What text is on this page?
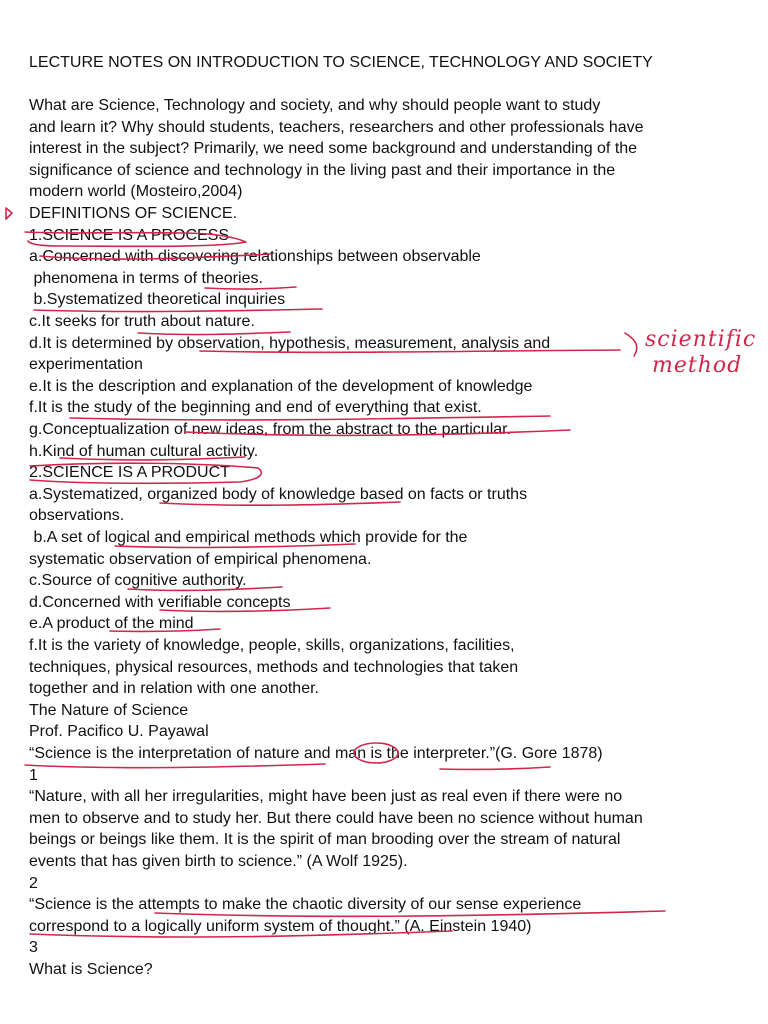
LECTURE NOTES ON INTRODUCTION TO SCIENCE, TECHNOLOGY AND SOCIETY
What are Science, Technology and society, and why should people want to study
and learn it? Why should students, teachers, researchers and other professionals have
interest in the subject? Primarily, we need some background and understanding of the
significance of science and technology in the living past and their importance in the
modern world (Mosteiro,2004)
DEFINITIONS OF SCIENCE.
1.SCIENCE IS A PROCESS
a.Concerned with discovering relationships between observable
phenomena in terms of theories.
b.Systematized theoretical inquiries
c.It seeks for truth about nature.
d.It is determined by observation, hypothesis, measurement, analysis and
experimentation
e.It is the description and explanation of the development of knowledge
f.It is the study of the beginning and end of everything that exist.
g.Conceptualization of new ideas, from the abstract to the particular.
h.Kind of human cultural activity.
2.SCIENCE IS A PRODUCT
a.Systematized, organized body of knowledge based on facts or truths
observations.
b.A set of logical and empirical methods which provide for the
systematic observation of empirical phenomena.
c.Source of cognitive authority.
d.Concerned with verifiable concepts
e.A product of the mind
f.It is the variety of knowledge, people, skills, organizations, facilities,
techniques, physical resources, methods and technologies that taken
together and in relation with one another.
The Nature of Science
Prof. Pacifico U. Payawal
“Science is the interpretation of nature and man is the interpreter.”(G. Gore 1878)
1
“Nature, with all her irregularities, might have been just as real even if there were no
men to observe and to study her. But there could have been no science without human
beings or beings like them. It is the spirit of man brooding over the stream of natural
events that has given birth to science.” (A Wolf 1925).
2
“Science is the attempts to make the chaotic diversity of our sense experience
correspond to a logically uniform system of thought.” (A. Einstein 1940)
3
What is Science?
scientific
method
